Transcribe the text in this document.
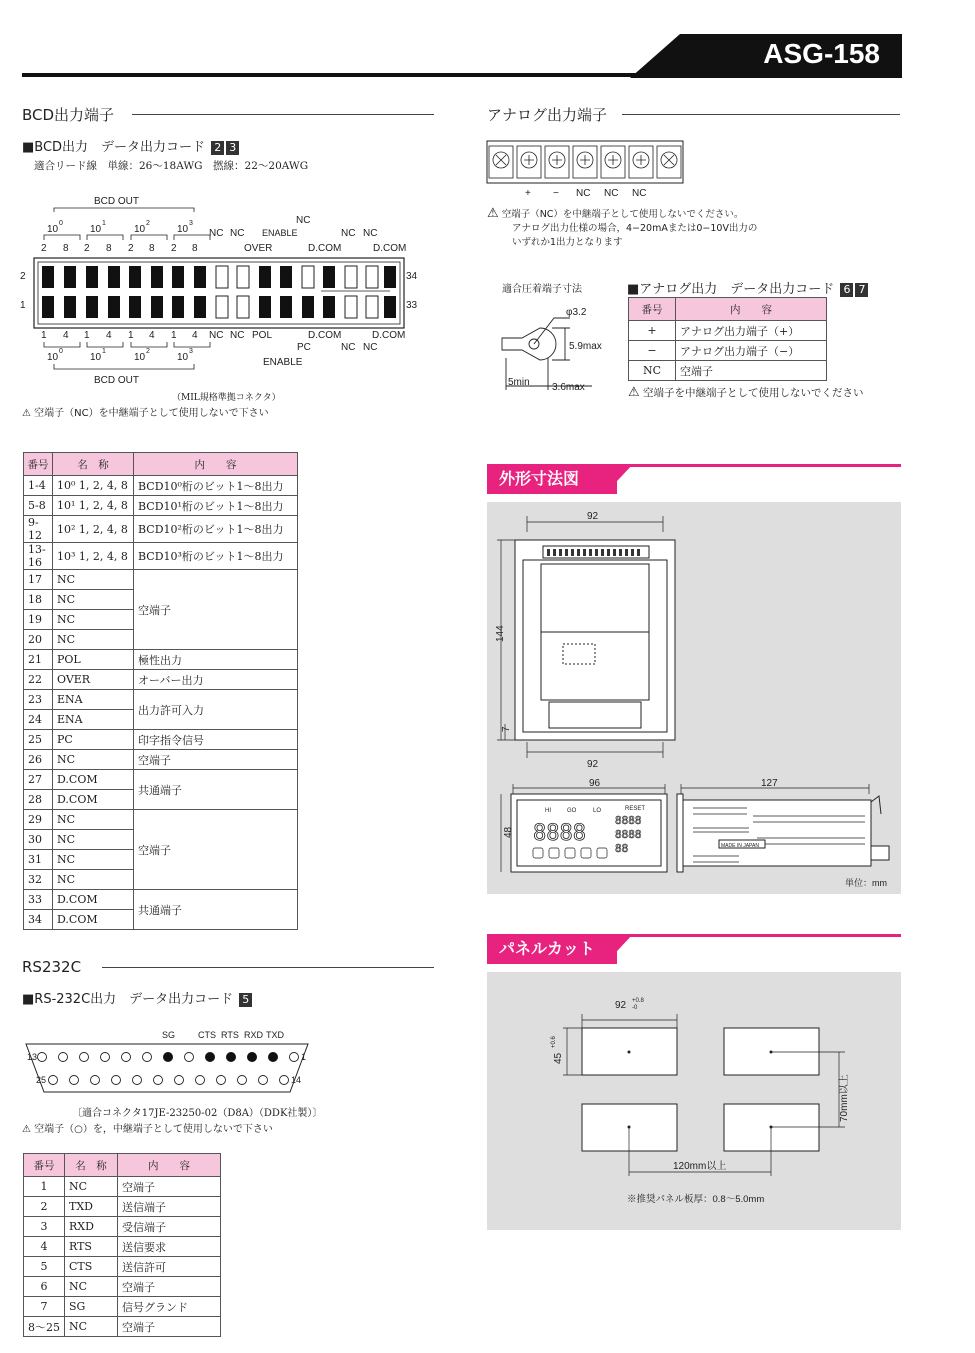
ASG-158
BCD出力端子
■BCD出力　データ出力コード 2 3
適合リード線　単線：26〜18AWG　撚線：22〜20AWG
BCD OUT
10
0
10
1
10
2
10
3
2 8 2 8 2 8 2 8
NC NC ENABLE
OVER
NC
D.COM
NC NC
D.COM
2
1
34
33
1 4 1 4 1 4 1 4 NC NC POL	D.COM	D.COM
PC	NC NC
ENABLE
10
0
10
1
10
2
10
3
BCD OUT
（MIL規格準拠コネクタ）
⚠ 空端子（NC）を中継端子として使用しないで下さい
番号	名　称	内　　容
1-4	10⁰ 1, 2, 4, 8	BCD10⁰桁のビット1〜8出力
5-8	10¹ 1, 2, 4, 8	BCD10¹桁のビット1〜8出力
9-12	10² 1, 2, 4, 8	BCD10²桁のビット1〜8出力
13-16	10³ 1, 2, 4, 8	BCD10³桁のビット1〜8出力
17	NC	空端子
18	NC	
19	NC	
20	NC	
21	POL	極性出力
22	OVER	オーバー出力
23	ENA	出力許可入力
24	ENA	
25	PC	印字指令信号
26	NC	空端子
27	D.COM	共通端子
28	D.COM	
29	NC	空端子
30	NC	
31	NC	
32	NC	
33	D.COM	共通端子
34	D.COM	
RS232C
■RS-232C出力　データ出力コード 5
SG	CTS RTS RXD TXD
13	1
25	14
〔適合コネクタ17JE-23250-02（D8A）（DDK社製）〕
⚠ 空端子（○）を，中継端子として使用しないで下さい
番号	名　称	内　　容
1	NC	空端子
2	TXD	送信端子
3	RXD	受信端子
4	RTS	送信要求
5	CTS	送信許可
6	NC	空端子
7	SG	信号グランド
8〜25	NC	空端子
アナログ出力端子
+ − NC NC NC
⚠ 空端子（NC）を中継端子として使用しないでください。
アナログ出力仕様の場合，4−20mAまたは0−10V出力の
いずれか1出力となります
適合圧着端子寸法
φ3.2
5.9max
5min 3.6max
■アナログ出力　データ出力コード 6 7
番号	内　　容
+	アナログ出力端子（+）
−	アナログ出力端子（−）
NC	空端子
⚠ 空端子を中継端子として使用しないでください
外形寸法図
92
144
7
92
96
48
HI	GO	LO	RESET
8888
8888
8888
88
127
MADE IN JAPAN
単位：mm
パネルカット
92 +0.8
-0
45
+0.6
70mm以上
120mm以上
※推奨パネル板厚：0.8〜5.0mm
